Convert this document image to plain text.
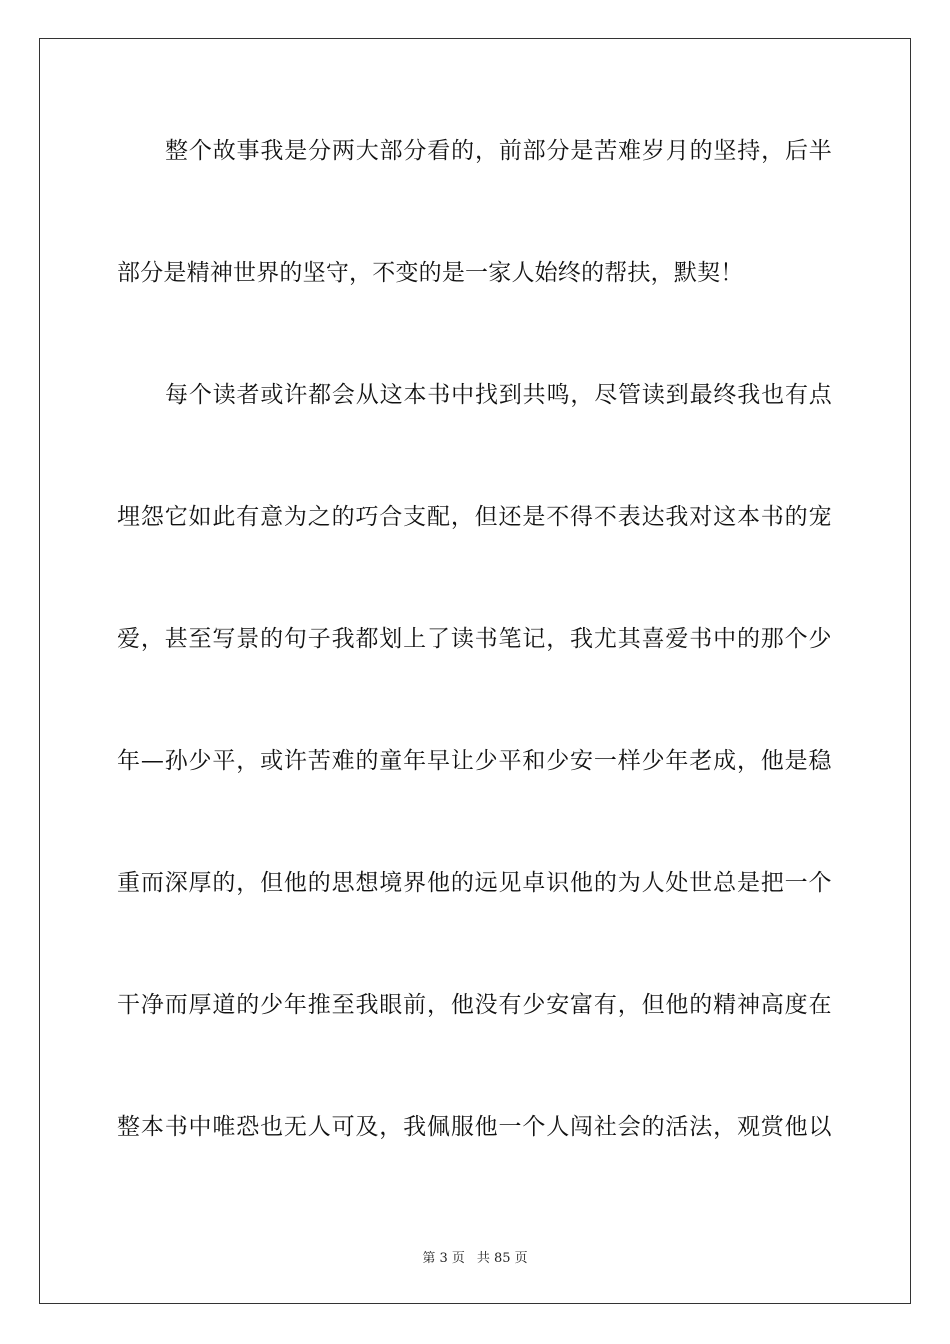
整 个 故 事 我 是 分 两 大 部 分 看 的 ， 前 部 分 是 苦 难 岁 月 的 坚 持 ， 后 半
部 分 是 精 神 世 界 的 坚 守 ， 不 变 的 是 一 家 人 始 终 的 帮 扶 ， 默 契 ！
每 个 读 者 或 许 都 会 从 这 本 书 中 找 到 共 鸣 ， 尽 管 读 到 最 终 我 也 有 点
埋 怨 它 如 此 有 意 为 之 的 巧 合 支 配 ， 但 还 是 不 得 不 表 达 我 对 这 本 书 的 宠
爱 ， 甚 至 写 景 的 句 子 我 都 划 上 了 读 书 笔 记 ， 我 尤 其 喜 爱 书 中 的 那 个 少
年 — 孙 少 平 ， 或 许 苦 难 的 童 年 早 让 少 平 和 少 安 一 样 少 年 老 成 ， 他 是 稳
重 而 深 厚 的 ， 但 他 的 思 想 境 界 他 的 远 见 卓 识 他 的 为 人 处 世 总 是 把 一 个
干 净 而 厚 道 的 少 年 推 至 我 眼 前 ， 他 没 有 少 安 富 有 ， 但 他 的 精 神 高 度 在
整 本 书 中 唯 恐 也 无 人 可 及 ， 我 佩 服 他 一 个 人 闯 社 会 的 活 法 ， 观 赏 他 以
第 3 页 共 85 页
